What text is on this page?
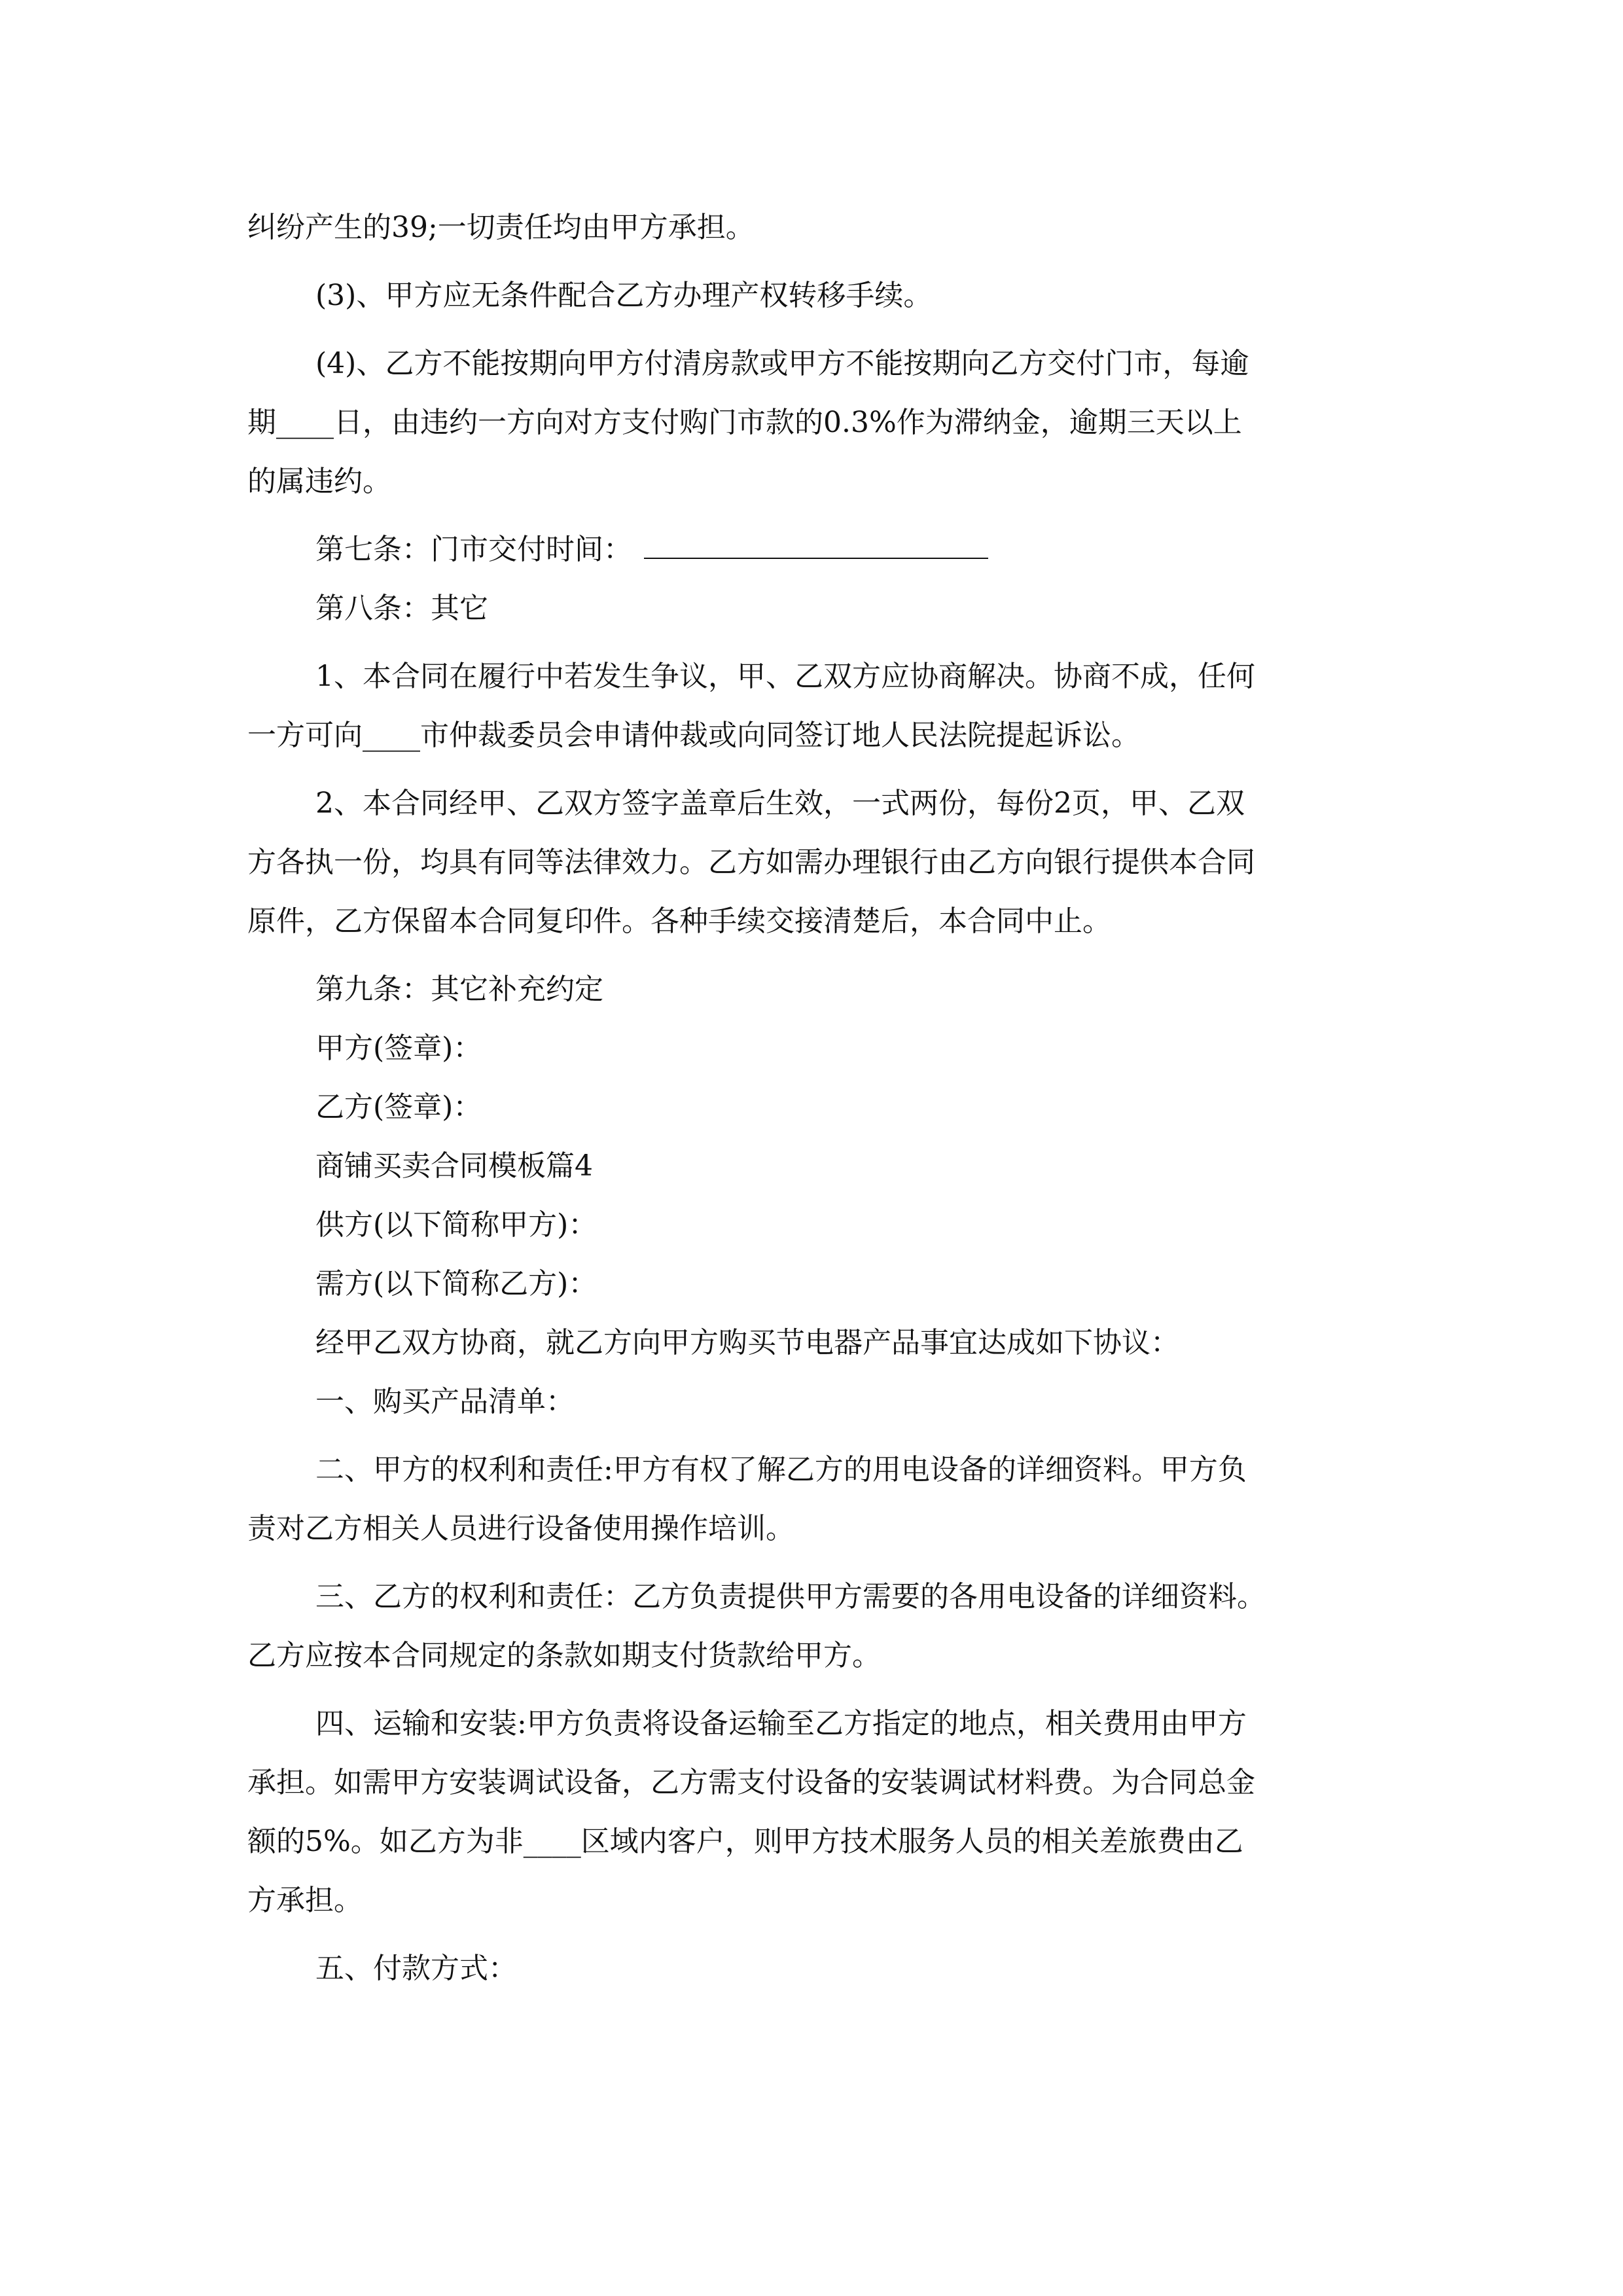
纠纷产生的39;一切责任均由甲方承担。
(3)、甲方应无条件配合乙方办理产权转移手续。
(4)、乙方不能按期向甲方付清房款或甲方不能按期向乙方交付门市，每逾
期____日，由违约一方向对方支付购门市款的0.3%作为滞纳金，逾期三天以上
的属违约。
第七条：门市交付时间：
第八条：其它
1、本合同在履行中若发生争议，甲、乙双方应协商解决。协商不成，任何
一方可向____市仲裁委员会申请仲裁或向同签订地人民法院提起诉讼。
2、本合同经甲、乙双方签字盖章后生效，一式两份，每份2页，甲、乙双
方各执一份，均具有同等法律效力。乙方如需办理银行由乙方向银行提供本合同
原件，乙方保留本合同复印件。各种手续交接清楚后，本合同中止。
第九条：其它补充约定
甲方(签章)：
乙方(签章)：
商铺买卖合同模板篇4
供方(以下简称甲方)：
需方(以下简称乙方)：
经甲乙双方协商，就乙方向甲方购买节电器产品事宜达成如下协议：
一、购买产品清单：
二、甲方的权利和责任:甲方有权了解乙方的用电设备的详细资料。甲方负
责对乙方相关人员进行设备使用操作培训。
三、乙方的权利和责任：乙方负责提供甲方需要的各用电设备的详细资料。
乙方应按本合同规定的条款如期支付货款给甲方。
四、运输和安装:甲方负责将设备运输至乙方指定的地点，相关费用由甲方
承担。如需甲方安装调试设备，乙方需支付设备的安装调试材料费。为合同总金
额的5%。如乙方为非____区域内客户，则甲方技术服务人员的相关差旅费由乙
方承担。
五、付款方式：
